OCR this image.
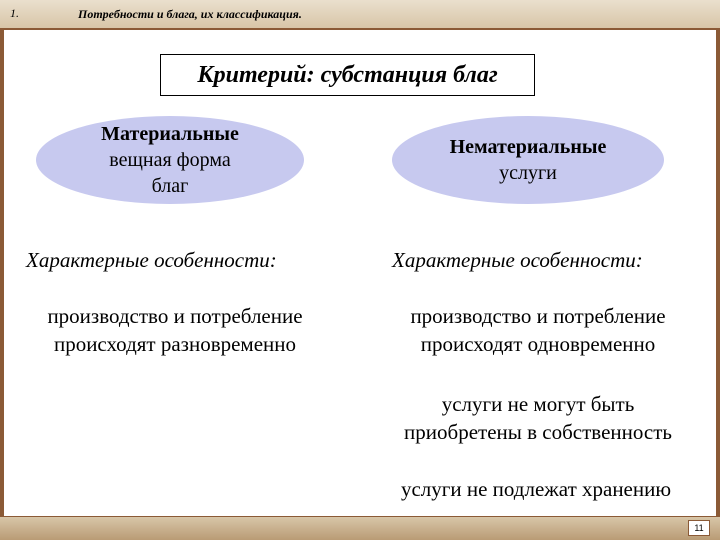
1.	Потребности и блага, их классификация.
Критерий: субстанция благ
Материальные
вещная форма
благ
Нематериальные
услуги
Характерные особенности:	Характерные особенности:
производство и потребление
происходят разновременно
производство и потребление
происходят одновременно
услуги не могут быть
приобретены в собственность
услуги не подлежат хранению
11
